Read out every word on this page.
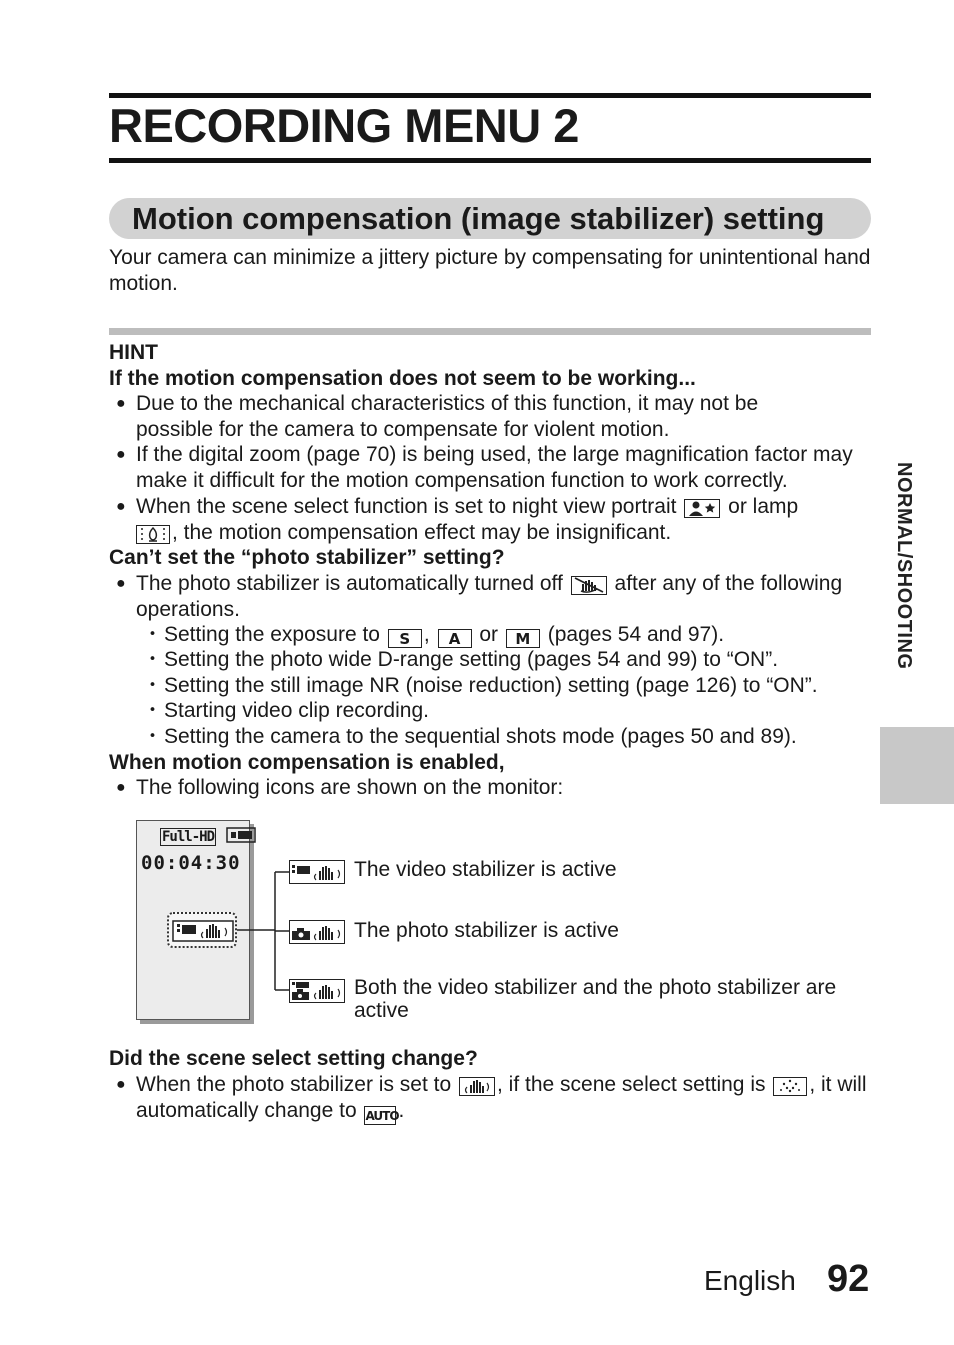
RECORDING MENU 2
Motion compensation (image stabilizer) setting
Your camera can minimize a jittery picture by compensating for unintentional hand motion.
HINT
If the motion compensation does not seem to be working...
● Due to the mechanical characteristics of this function, it may not be possible for the camera to compensate for violent motion.
● If the digital zoom (page 70) is being used, the large magnification factor may make it difficult for the motion compensation function to work correctly.
● When the scene select function is set to night view portrait or lamp
, the motion compensation effect may be insignificant.
Can’t set the “photo stabilizer” setting?
● The photo stabilizer is automatically turned off after any of the following operations.
・ Setting the exposure to S , A or M (pages 54 and 97).
・ Setting the photo wide D-range setting (pages 54 and 99) to “ON”.
・ Setting the still image NR (noise reduction) setting (page 126) to “ON”.
・ Starting video clip recording.
・ Setting the camera to the sequential shots mode (pages 50 and 89).
When motion compensation is enabled,
● The following icons are shown on the monitor:
Full-HD
00:04:30	The video stabilizer is active
The photo stabilizer is active
Both the video stabilizer and the photo stabilizer are active
Did the scene select setting change?
● When the photo stabilizer is set to , if the scene select setting is , it will automatically change to AUTO.
NORMAL/SHOOTING
English 92
